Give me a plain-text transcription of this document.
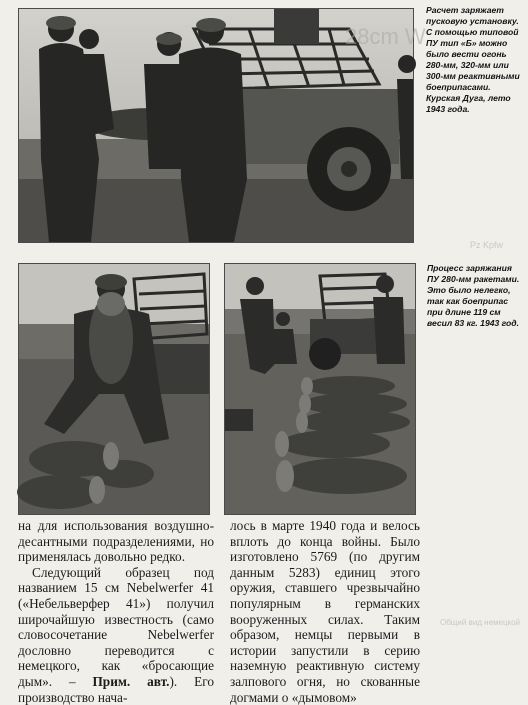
28cm W
Pz Kpfw
Общий вид немецкой

Расчет заряжает пусковую установку. С помощью типовой ПУ тип «Б» можно было вести огонь 280-мм, 320-мм или 300-мм реактивными боеприпасами. Курская Дуга, лето 1943 года.

Процесс заряжания ПУ 280-мм ракетами. Это было нелегко, так как боеприпас при длине 119 см весил 83 кг. 1943 год.

на для использования воздушно-десантными подразделениями, но применялась довольно редко.

Следующий образец под названием 15 см Nebelwerfer 41 («Небельверфер 41») получил широчайшую известность (само словосочетание Nebelwerfer дословно переводится с немецкого, как «бросающие дым». – Прим. авт.). Его производство нача-

лось в марте 1940 года и велось вплоть до конца войны. Было изготовлено 5769 (по другим данным 5283) единиц этого оружия, ставшего чрезвычайно популярным в германских вооруженных силах. Таким образом, немцы первыми в истории запустили в серию наземную реактивную систему залпового огня, но скованные догмами о «дымовом»
